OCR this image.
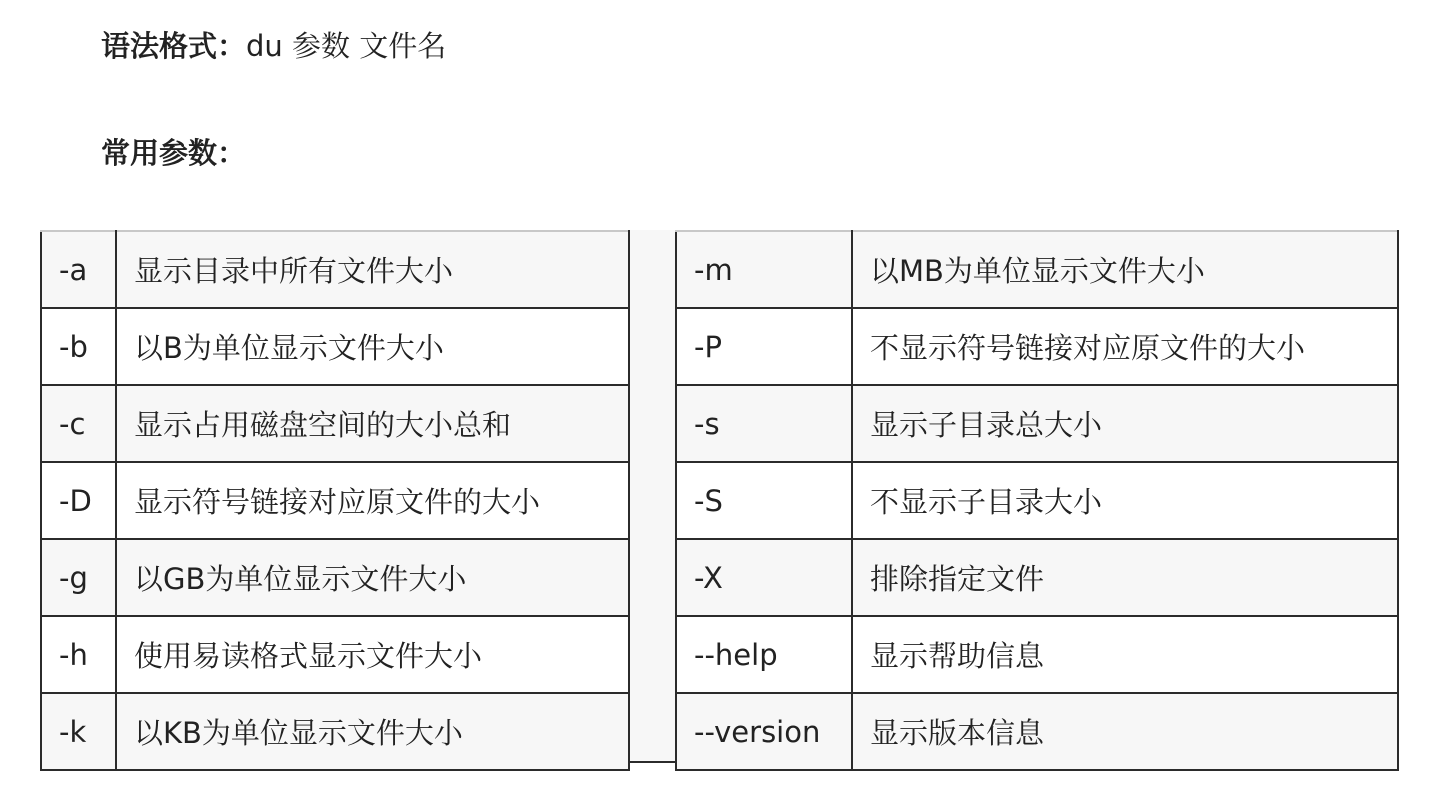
语法格式：du 参数 文件名
常用参数：
-a	显示目录中所有文件大小
-b	以B为单位显示文件大小
-c	显示占用磁盘空间的大小总和
-D	显示符号链接对应原文件的大小
-g	以GB为单位显示文件大小
-h	使用易读格式显示文件大小
-k	以KB为单位显示文件大小
-m	以MB为单位显示文件大小
-P	不显示符号链接对应原文件的大小
-s	显示子目录总大小
-S	不显示子目录大小
-X	排除指定文件
--help	显示帮助信息
--version	显示版本信息
